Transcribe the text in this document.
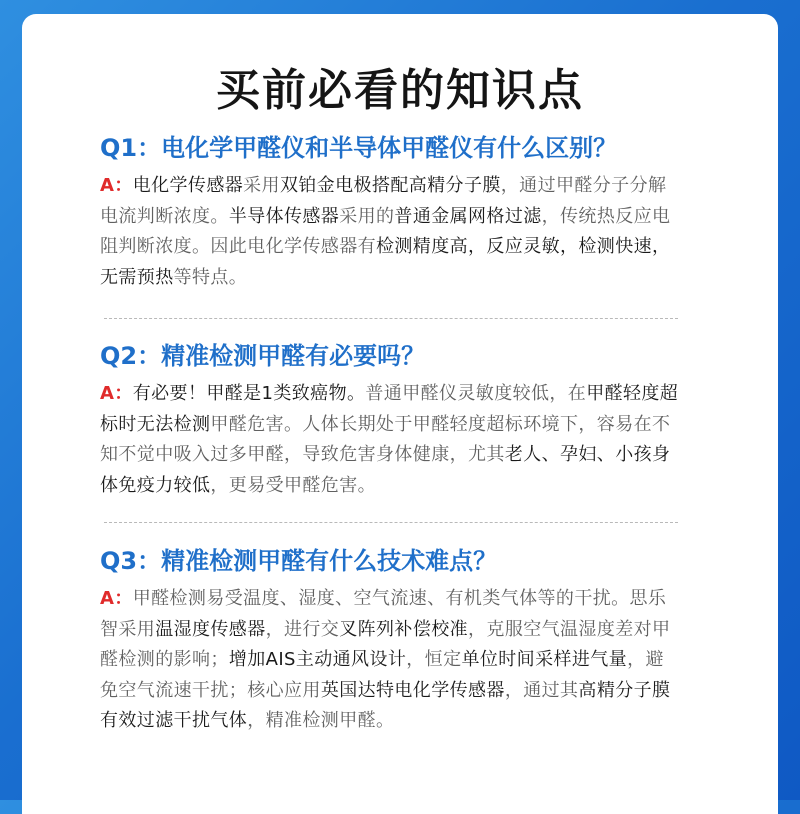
买前必看的知识点

Q1：电化学甲醛仪和半导体甲醛仪有什么区别？

A：电化学传感器采用双铂金电极搭配高精分子膜，通过甲醛分子分解电流判断浓度。半导体传感器采用的普通金属网格过滤，传统热反应电阻判断浓度。因此电化学传感器有检测精度高，反应灵敏，检测快速，无需预热等特点。

Q2：精准检测甲醛有必要吗？

A：有必要！甲醛是1类致癌物。普通甲醛仪灵敏度较低，在甲醛轻度超标时无法检测甲醛危害。人体长期处于甲醛轻度超标环境下，容易在不知不觉中吸入过多甲醛，导致危害身体健康，尤其老人、孕妇、小孩身体免疫力较低，更易受甲醛危害。

Q3：精准检测甲醛有什么技术难点？

A：甲醛检测易受温度、湿度、空气流速、有机类气体等的干扰。思乐智采用温湿度传感器，进行交叉阵列补偿校准，克服空气温湿度差对甲醛检测的影响；增加AIS主动通风设计，恒定单位时间采样进气量，避免空气流速干扰；核心应用英国达特电化学传感器，通过其高精分子膜有效过滤干扰气体，精准检测甲醛。
